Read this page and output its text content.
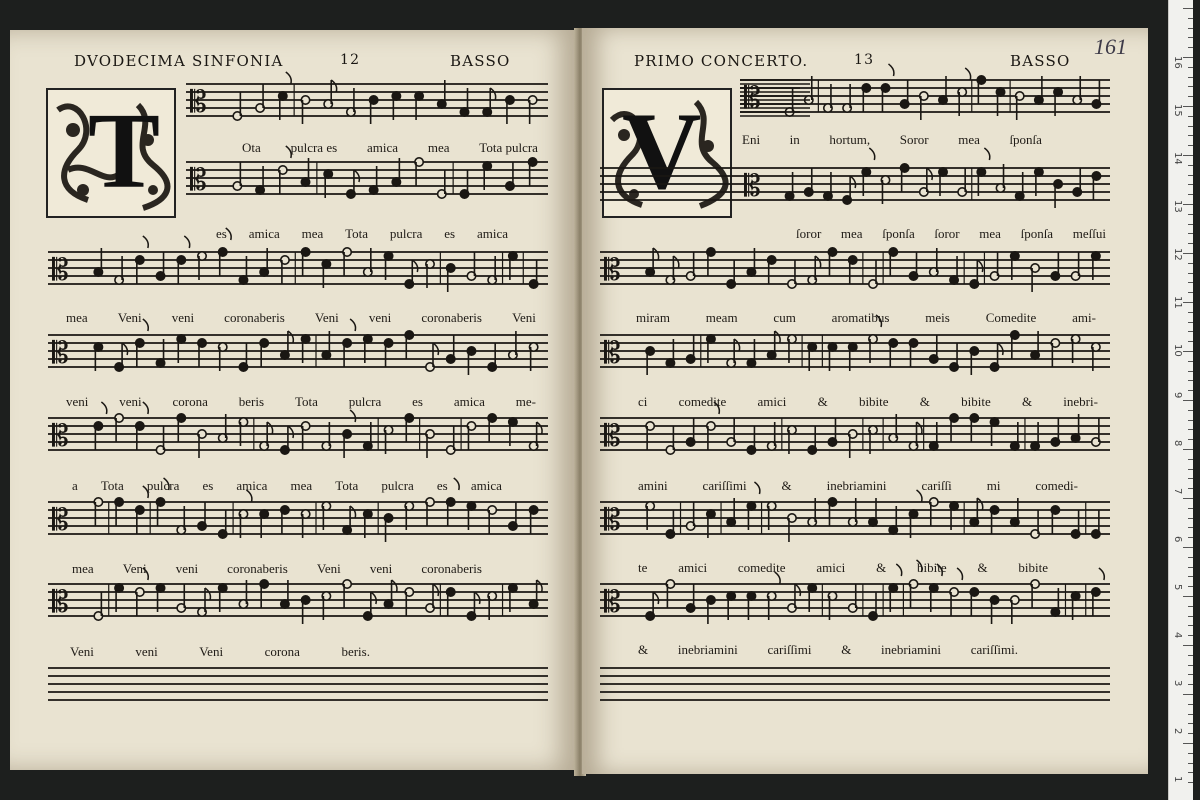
DVODECIMA SINFONIA	12	BASSO
T	Ota pulcra es amica mea Tota pulcra
es amica mea Tota pulcra es amica
mea Veni veni coronaberis Veni veni coronaberis Veni
veni veni corona beris Tota pulcra es amica me-
a Tota pulcra es amica mea Tota pulcra es amica
mea Veni veni coronaberis Veni veni coronaberis
Veni	veni	Veni	corona	beris.
PRIMO CONCERTO.	13	BASSO
V	Eni in hortum, Soror mea ſponſa
ſoror mea ſponſa ſoror mea ſponſa meſſui
miram	meam	cum	aromatibus	meis	Comedite	ami-
ci comedite amici & bibite & bibite & inebri-
amini	cariſſimi	&	inebriamini	cariſſi	mi	comedi-
te amici comedite amici & bibite & bibite
& inebriamini cariſſimi & inebriamini cariſſimi.
𝄡
𝄡
𝄡
𝄡
𝄡
𝄡
𝄡
𝄡
𝄡
𝄡
𝄡
𝄡
𝄡
𝄡
161
1
2
3
4
5
6
7
8
9
10
11
12
13
14
15
16
